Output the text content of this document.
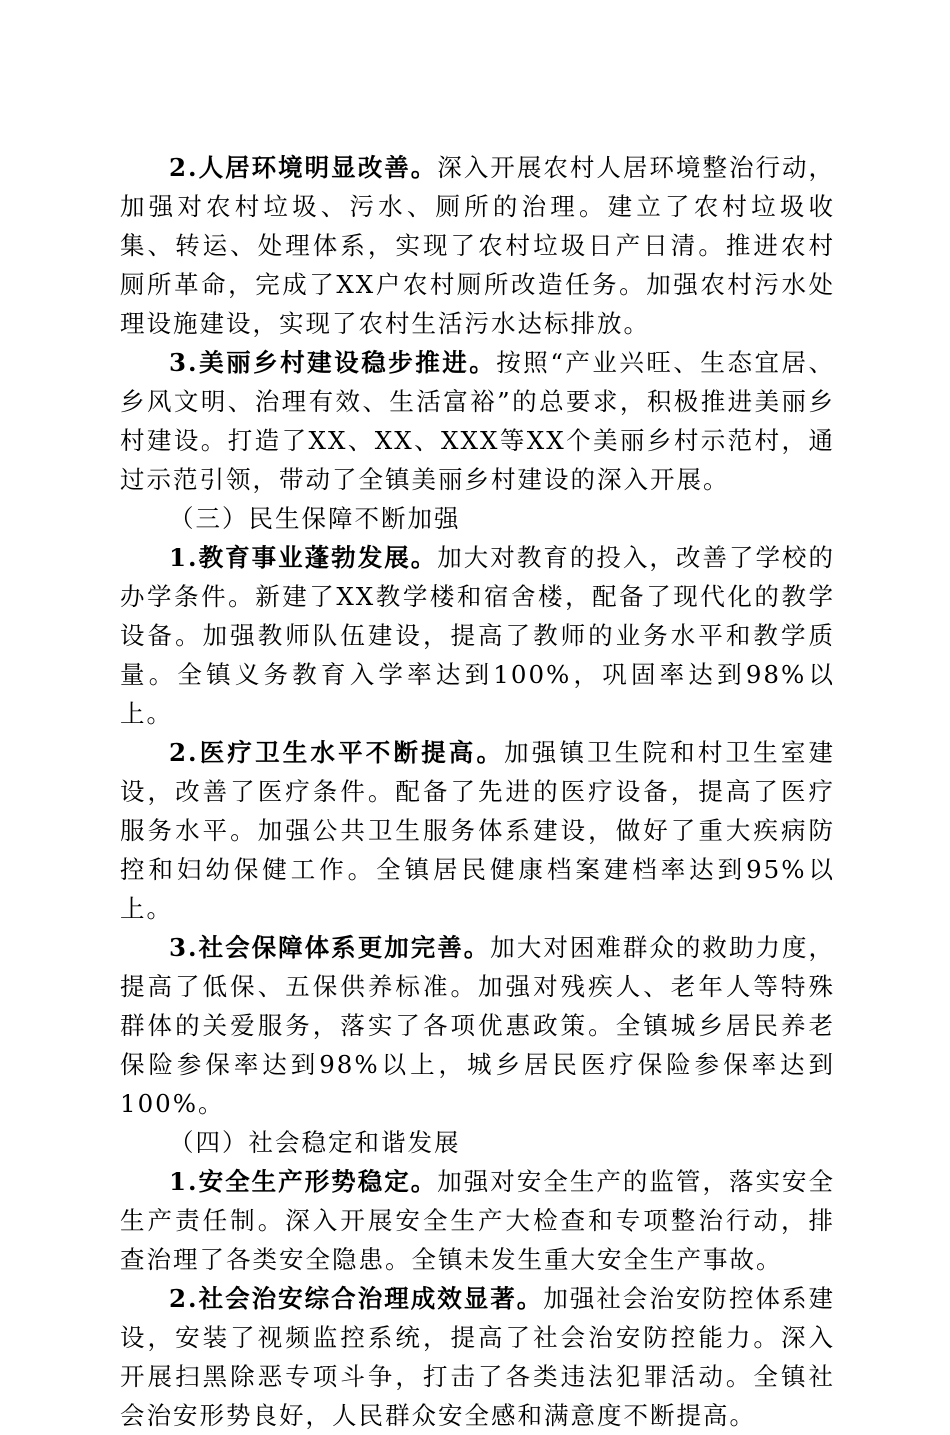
2.人居环境明显改善。深入开展农村人居环境整治行动，加强对农村垃圾、污水、厕所的治理。建立了农村垃圾收集、转运、处理体系，实现了农村垃圾日产日清。推进农村厕所革命，完成了XX户农村厕所改造任务。加强农村污水处理设施建设，实现了农村生活污水达标排放。

3.美丽乡村建设稳步推进。按照“产业兴旺、生态宜居、乡风文明、治理有效、生活富裕”的总要求，积极推进美丽乡村建设。打造了XX、XX、XXX等XX个美丽乡村示范村，通过示范引领，带动了全镇美丽乡村建设的深入开展。

（三）民生保障不断加强

1.教育事业蓬勃发展。加大对教育的投入，改善了学校的办学条件。新建了XX教学楼和宿舍楼，配备了现代化的教学设备。加强教师队伍建设，提高了教师的业务水平和教学质量。全镇义务教育入学率达到100%，巩固率达到98%以上。

2.医疗卫生水平不断提高。加强镇卫生院和村卫生室建设，改善了医疗条件。配备了先进的医疗设备，提高了医疗服务水平。加强公共卫生服务体系建设，做好了重大疾病防控和妇幼保健工作。全镇居民健康档案建档率达到95%以上。

3.社会保障体系更加完善。加大对困难群众的救助力度，提高了低保、五保供养标准。加强对残疾人、老年人等特殊群体的关爱服务，落实了各项优惠政策。全镇城乡居民养老保险参保率达到98%以上，城乡居民医疗保险参保率达到100%。

（四）社会稳定和谐发展

1.安全生产形势稳定。加强对安全生产的监管，落实安全生产责任制。深入开展安全生产大检查和专项整治行动，排查治理了各类安全隐患。全镇未发生重大安全生产事故。

2.社会治安综合治理成效显著。加强社会治安防控体系建设，安装了视频监控系统，提高了社会治安防控能力。深入开展扫黑除恶专项斗争，打击了各类违法犯罪活动。全镇社会治安形势良好，人民群众安全感和满意度不断提高。
